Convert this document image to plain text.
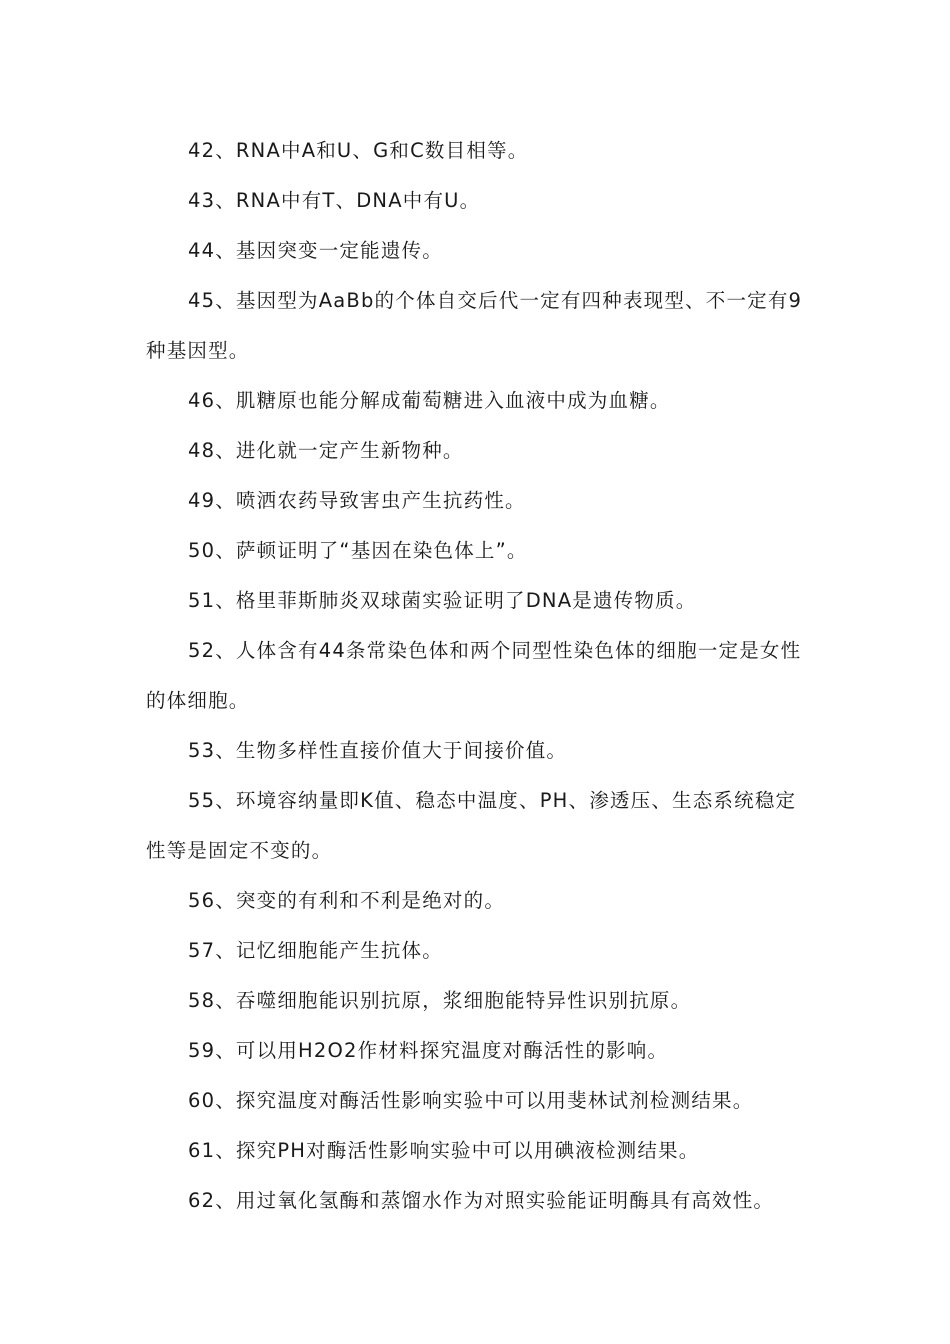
42、RNA中A和U、G和C数目相等。

43、RNA中有T、DNA中有U。

44、基因突变一定能遗传。

45、基因型为AaBb的个体自交后代一定有四种表现型、不一定有9种基因型。

46、肌糖原也能分解成葡萄糖进入血液中成为血糖。

48、进化就一定产生新物种。

49、喷洒农药导致害虫产生抗药性。

50、萨顿证明了“基因在染色体上”。

51、格里菲斯肺炎双球菌实验证明了DNA是遗传物质。

52、人体含有44条常染色体和两个同型性染色体的细胞一定是女性的体细胞。

53、生物多样性直接价值大于间接价值。

55、环境容纳量即K值、稳态中温度、PH、渗透压、生态系统稳定性等是固定不变的。

56、突变的有利和不利是绝对的。

57、记忆细胞能产生抗体。

58、吞噬细胞能识别抗原，浆细胞能特异性识别抗原。

59、可以用H2O2作材料探究温度对酶活性的影响。

60、探究温度对酶活性影响实验中可以用斐林试剂检测结果。

61、探究PH对酶活性影响实验中可以用碘液检测结果。

62、用过氧化氢酶和蒸馏水作为对照实验能证明酶具有高效性。
